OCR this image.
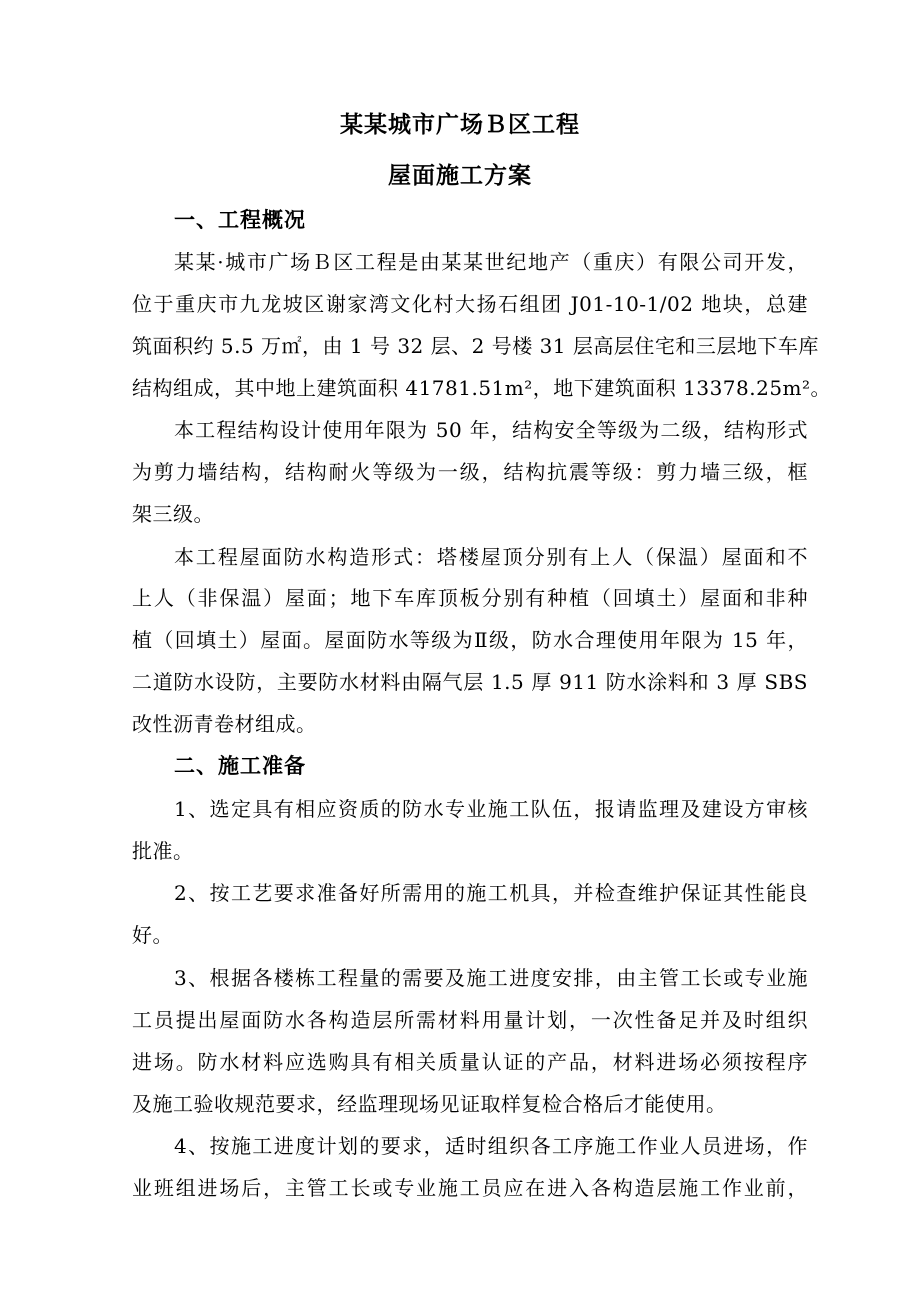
某某城市广场Ｂ区工程
屋面施工方案
一、工程概况
某某·城市广场Ｂ区工程是由某某世纪地产（重庆）有限公司开发，
位于重庆市九龙坡区谢家湾文化村大扬石组团 J01-10-1/02 地块，总建
筑面积约 5.5 万㎡，由 1 号 32 层、2 号楼 31 层高层住宅和三层地下车库
结构组成，其中地上建筑面积 41781.51m²，地下建筑面积 13378.25m²。
本工程结构设计使用年限为 50 年，结构安全等级为二级，结构形式
为剪力墙结构，结构耐火等级为一级，结构抗震等级：剪力墙三级，框
架三级。
本工程屋面防水构造形式：塔楼屋顶分别有上人（保温）屋面和不
上人（非保温）屋面；地下车库顶板分别有种植（回填土）屋面和非种
植（回填土）屋面。屋面防水等级为Ⅱ级，防水合理使用年限为 15 年，
二道防水设防，主要防水材料由隔气层 1.5 厚 911 防水涂料和 3 厚 SBS
改性沥青卷材组成。
二、施工准备
1、选定具有相应资质的防水专业施工队伍，报请监理及建设方审核
批准。
2、按工艺要求准备好所需用的施工机具，并检查维护保证其性能良
好。
3、根据各楼栋工程量的需要及施工进度安排，由主管工长或专业施
工员提出屋面防水各构造层所需材料用量计划，一次性备足并及时组织
进场。防水材料应选购具有相关质量认证的产品，材料进场必须按程序
及施工验收规范要求，经监理现场见证取样复检合格后才能使用。
4、按施工进度计划的要求，适时组织各工序施工作业人员进场，作
业班组进场后，主管工长或专业施工员应在进入各构造层施工作业前，
